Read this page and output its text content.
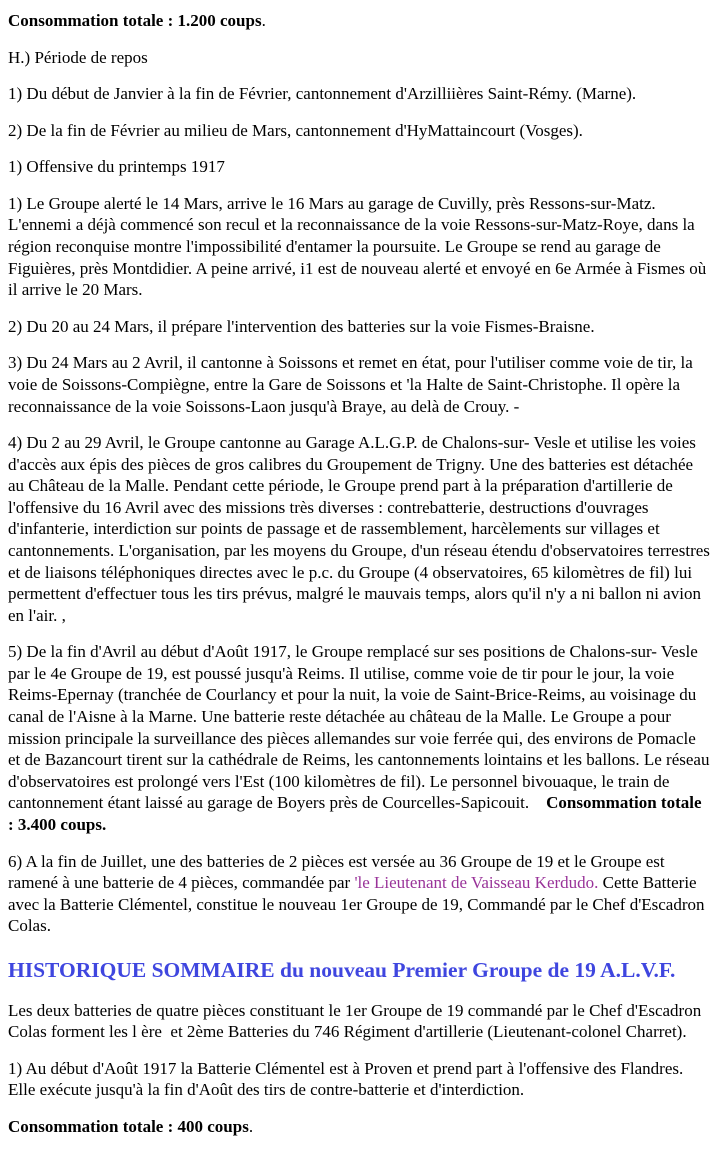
Consommation totale : 1.200 coups.

H.) Période de repos

1) Du début de Janvier à la fin de Février, cantonnement d'Arzilliières Saint-Rémy. (Marne).

2) De la fin de Février au milieu de Mars, cantonnement d'HyMattaincourt (Vosges).

1) Offensive du printemps 1917

1) Le Groupe alerté le 14 Mars, arrive le 16 Mars au garage de Cuvilly, près Ressons-sur-Matz. L'ennemi a déjà commencé son recul et la reconnaissance de la voie Ressons-sur-Matz-Roye, dans la région reconquise montre l'impossibilité d'entamer la poursuite. Le Groupe se rend au garage de Figuières, près Montdidier. A peine arrivé, i1 est de nouveau alerté et envoyé en 6e Armée à Fismes où il arrive le 20 Mars.

2) Du 20 au 24 Mars, il prépare l'intervention des batteries sur la voie Fismes-Braisne.

3) Du 24 Mars au 2 Avril, il cantonne à Soissons et remet en état, pour l'utiliser comme voie de tir, la voie de Soissons-Compiègne, entre la Gare de Soissons et 'la Halte de Saint-Christophe. Il opère la reconnaissance de la voie Soissons-Laon jusqu'à Braye, au delà de Crouy. -

4) Du 2 au 29 Avril, le Groupe cantonne au Garage A.L.G.P. de Chalons-sur- Vesle et utilise les voies d'accès aux épis des pièces de gros calibres du Groupement de Trigny. Une des batteries est détachée au Château de la Malle. Pendant cette période, le Groupe prend part à la préparation d'artillerie de l'offensive du 16 Avril avec des missions très diverses : contrebatterie, destructions d'ouvrages d'infanterie, interdiction sur points de passage et de rassemblement, harcèlements sur villages et cantonnements. L'organisation, par les moyens du Groupe, d'un réseau étendu d'observatoires terrestres et de liaisons téléphoniques directes avec le p.c. du Groupe (4 observatoires, 65 kilomètres de fil) lui permettent d'effectuer tous les tirs prévus, malgré le mauvais temps, alors qu'il n'y a ni ballon ni avion en l'air. ,

5) De la fin d'Avril au début d'Août 1917, le Groupe remplacé sur ses positions de Chalons-sur- Vesle par le 4e Groupe de 19, est poussé jusqu'à Reims. Il utilise, comme voie de tir pour le jour, la voie Reims-Epernay (tranchée de Courlancy et pour la nuit, la voie de Saint-Brice-Reims, au voisinage du canal de l'Aisne à la Marne. Une batterie reste détachée au château de la Malle. Le Groupe a pour mission principale la surveillance des pièces allemandes sur voie ferrée qui, des environs de Pomacle et de Bazancourt tirent sur la cathédrale de Reims, les cantonnements lointains et les ballons. Le réseau d'observatoires est prolongé vers l'Est (100 kilomètres de fil). Le personnel bivouaque, le train de cantonnement étant laissé au garage de Boyers près de Courcelles-Sapicouit.    Consommation totale : 3.400 coups.

6) A la fin de Juillet, une des batteries de 2 pièces est versée au 36 Groupe de 19 et le Groupe est ramené à une batterie de 4 pièces, commandée par 'le Lieutenant de Vaisseau Kerdudo. Cette Batterie avec la Batterie Clémentel, constitue le nouveau 1er Groupe de 19, Commandé par le Chef d'Escadron Colas.

HISTORIQUE SOMMAIRE du nouveau Premier Groupe de 19 A.L.V.F.

Les deux batteries de quatre pièces constituant le 1er Groupe de 19 commandé par le Chef d'Escadron Colas forment les l ère  et 2ème Batteries du 746 Régiment d'artillerie (Lieutenant-colonel Charret).

1) Au début d'Août 1917 la Batterie Clémentel est à Proven et prend part à l'offensive des Flandres. Elle exécute jusqu'à la fin d'Août des tirs de contre-batterie et d'interdiction.

Consommation totale : 400 coups.
